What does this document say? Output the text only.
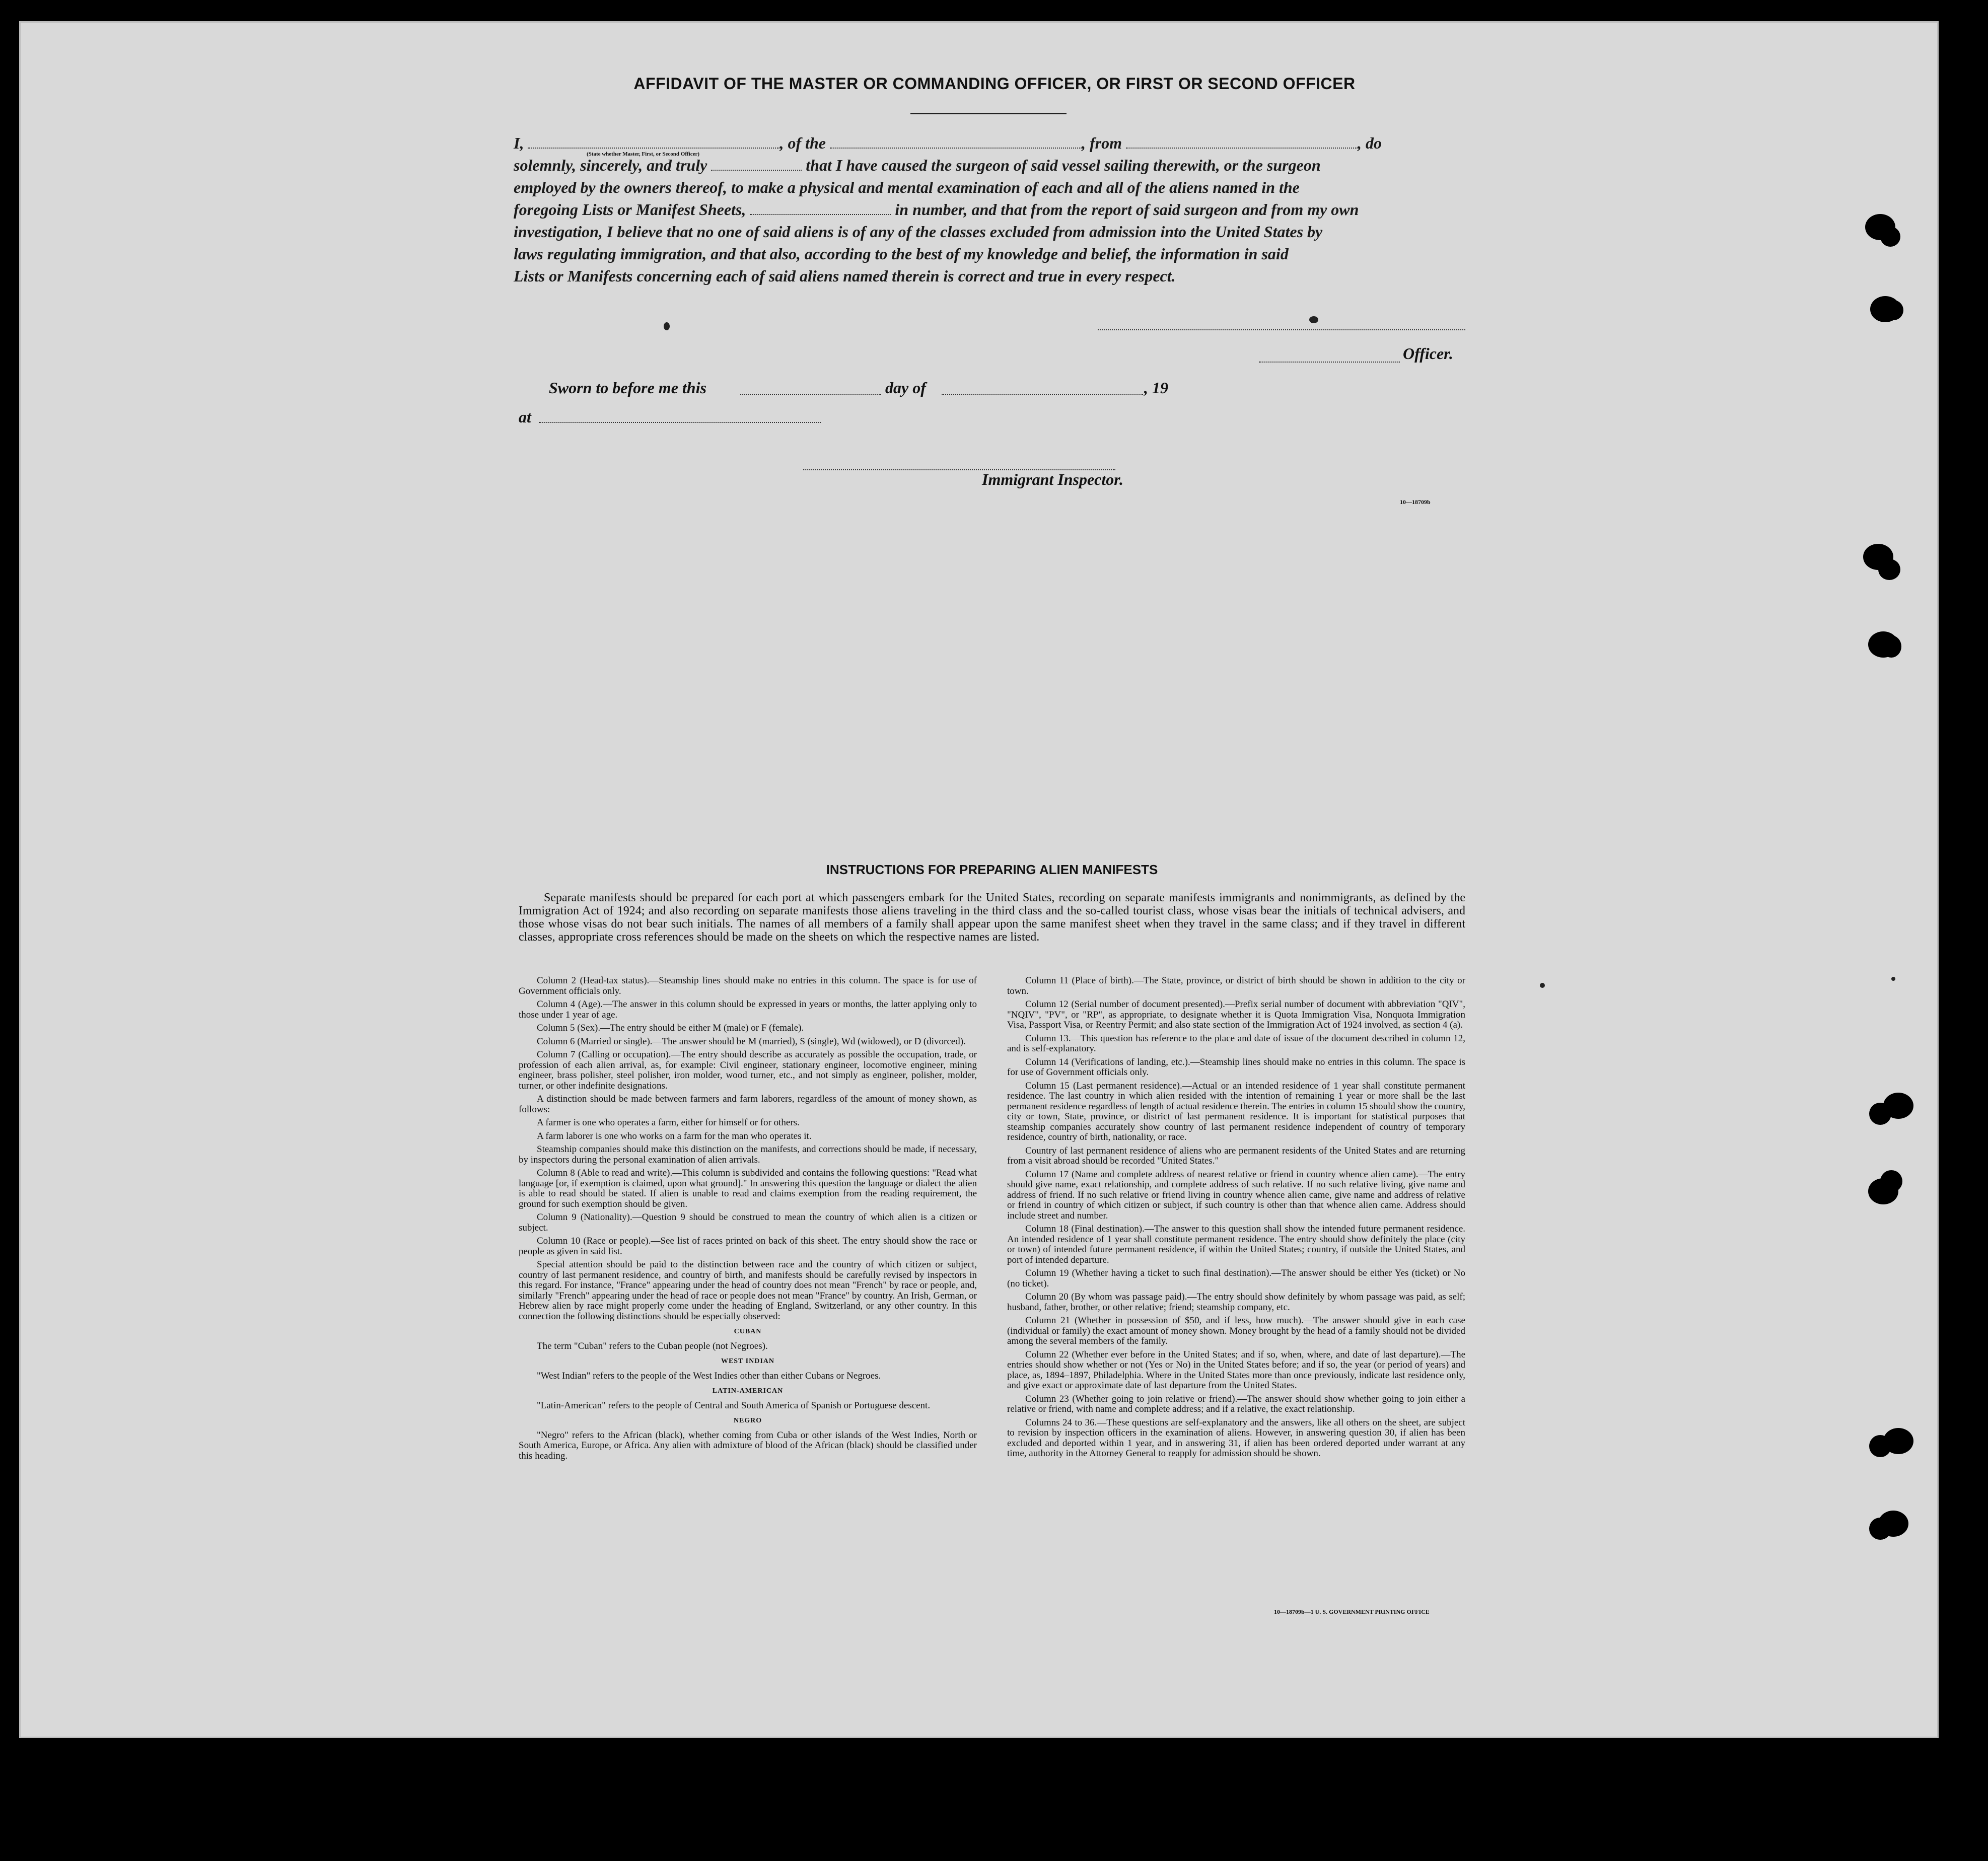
AFFIDAVIT OF THE MASTER OR COMMANDING OFFICER, OR FIRST OR SECOND OFFICER
I,	, of the	, from	, do
(State whether Master, First, or Second Officer)
solemnly, sincerely, and truly	that I have caused the surgeon of said vessel sailing therewith, or the surgeon
employed by the owners thereof, to make a physical and mental examination of each and all of the aliens named in the
foregoing Lists or Manifest Sheets,	in number, and that from the report of said surgeon and from my own
investigation, I believe that no one of said aliens is of any of the classes excluded from admission into the United States by
laws regulating immigration, and that also, according to the best of my knowledge and belief, the information in said
Lists or Manifests concerning each of said aliens named therein is correct and true in every respect.
Officer.
Sworn to before me this	day of	, 19
at
Immigrant Inspector.
10—18709b
INSTRUCTIONS FOR PREPARING ALIEN MANIFESTS
Separate manifests should be prepared for each port at which passengers embark for the United States, recording on separate manifests immigrants and nonimmigrants, as defined by the Immigration Act of 1924; and also recording on separate manifests those aliens traveling in the third class and the so-called tourist class, whose visas bear the initials of technical advisers, and those whose visas do not bear such initials. The names of all members of a family shall appear upon the same manifest sheet when they travel in the same class; and if they travel in different classes, appropriate cross references should be made on the sheets on which the respective names are listed.

Column 2 (Head-tax status).—Steamship lines should make no entries in this column. The space is for use of Government officials only.

Column 4 (Age).—The answer in this column should be expressed in years or months, the latter applying only to those under 1 year of age.

Column 5 (Sex).—The entry should be either M (male) or F (female).

Column 6 (Married or single).—The answer should be M (married), S (single), Wd (widowed), or D (divorced).

Column 7 (Calling or occupation).—The entry should describe as accurately as possible the occupation, trade, or profession of each alien arrival, as, for example: Civil engineer, stationary engineer, locomotive engineer, mining engineer, brass polisher, steel polisher, iron molder, wood turner, etc., and not simply as engineer, polisher, molder, turner, or other indefinite designations.

A distinction should be made between farmers and farm laborers, regardless of the amount of money shown, as follows:

A farmer is one who operates a farm, either for himself or for others.

A farm laborer is one who works on a farm for the man who operates it.

Steamship companies should make this distinction on the manifests, and corrections should be made, if necessary, by inspectors during the personal examination of alien arrivals.

Column 8 (Able to read and write).—This column is subdivided and contains the following questions: "Read what language [or, if exemption is claimed, upon what ground]." In answering this question the language or dialect the alien is able to read should be stated. If alien is unable to read and claims exemption from the reading requirement, the ground for such exemption should be given.

Column 9 (Nationality).—Question 9 should be construed to mean the country of which alien is a citizen or subject.

Column 10 (Race or people).—See list of races printed on back of this sheet. The entry should show the race or people as given in said list.

Special attention should be paid to the distinction between race and the country of which citizen or subject, country of last permanent residence, and country of birth, and manifests should be carefully revised by inspectors in this regard. For instance, "France" appearing under the head of country does not mean "French" by race or people, and, similarly "French" appearing under the head of race or people does not mean "France" by country. An Irish, German, or Hebrew alien by race might properly come under the heading of England, Switzerland, or any other country. In this connection the following distinctions should be especially observed:

CUBAN

The term "Cuban" refers to the Cuban people (not Negroes).

WEST INDIAN

"West Indian" refers to the people of the West Indies other than either Cubans or Negroes.

LATIN-AMERICAN

"Latin-American" refers to the people of Central and South America of Spanish or Portuguese descent.

NEGRO

"Negro" refers to the African (black), whether coming from Cuba or other islands of the West Indies, North or South America, Europe, or Africa. Any alien with admixture of blood of the African (black) should be classified under this heading.

Column 11 (Place of birth).—The State, province, or district of birth should be shown in addition to the city or town.

Column 12 (Serial number of document presented).—Prefix serial number of document with abbreviation "QIV", "NQIV", "PV", or "RP", as appropriate, to designate whether it is Quota Immigration Visa, Nonquota Immigration Visa, Passport Visa, or Reentry Permit; and also state section of the Immigration Act of 1924 involved, as section 4 (a).

Column 13.—This question has reference to the place and date of issue of the document described in column 12, and is self-explanatory.

Column 14 (Verifications of landing, etc.).—Steamship lines should make no entries in this column. The space is for use of Government officials only.

Column 15 (Last permanent residence).—Actual or an intended residence of 1 year shall constitute permanent residence. The last country in which alien resided with the intention of remaining 1 year or more shall be the last permanent residence regardless of length of actual residence therein. The entries in column 15 should show the country, city or town, State, province, or district of last permanent residence. It is important for statistical purposes that steamship companies accurately show country of last permanent residence independent of country of temporary residence, country of birth, nationality, or race.

Country of last permanent residence of aliens who are permanent residents of the United States and are returning from a visit abroad should be recorded "United States."

Column 17 (Name and complete address of nearest relative or friend in country whence alien came).—The entry should give name, exact relationship, and complete address of such relative. If no such relative living, give name and address of friend. If no such relative or friend living in country whence alien came, give name and address of relative or friend in country of which citizen or subject, if such country is other than that whence alien came. Address should include street and number.

Column 18 (Final destination).—The answer to this question shall show the intended future permanent residence. An intended residence of 1 year shall constitute permanent residence. The entry should show definitely the place (city or town) of intended future permanent residence, if within the United States; country, if outside the United States, and port of intended departure.

Column 19 (Whether having a ticket to such final destination).—The answer should be either Yes (ticket) or No (no ticket).

Column 20 (By whom was passage paid).—The entry should show definitely by whom passage was paid, as self; husband, father, brother, or other relative; friend; steamship company, etc.

Column 21 (Whether in possession of $50, and if less, how much).—The answer should give in each case (individual or family) the exact amount of money shown. Money brought by the head of a family should not be divided among the several members of the family.

Column 22 (Whether ever before in the United States; and if so, when, where, and date of last departure).—The entries should show whether or not (Yes or No) in the United States before; and if so, the year (or period of years) and place, as, 1894–1897, Philadelphia. Where in the United States more than once previously, indicate last residence only, and give exact or approximate date of last departure from the United States.

Column 23 (Whether going to join relative or friend).—The answer should show whether going to join either a relative or friend, with name and complete address; and if a relative, the exact relationship.

Columns 24 to 36.—These questions are self-explanatory and the answers, like all others on the sheet, are subject to revision by inspection officers in the examination of aliens. However, in answering question 30, if alien has been excluded and deported within 1 year, and in answering 31, if alien has been ordered deported under warrant at any time, authority in the Attorney General to reapply for admission should be shown.

10—18709b—1 U. S. GOVERNMENT PRINTING OFFICE
